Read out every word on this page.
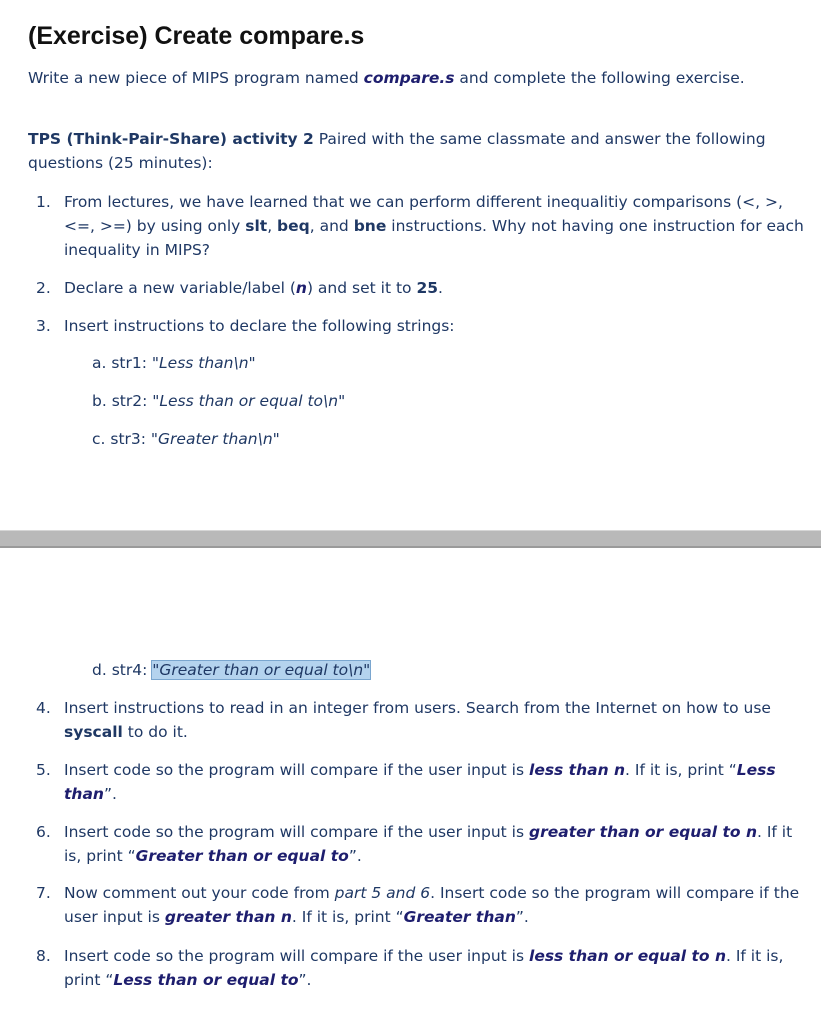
(Exercise) Create compare.s

Write a new piece of MIPS program named compare.s and complete the following exercise.

TPS (Think-Pair-Share) activity 2 Paired with the same classmate and answer the following questions (25 minutes):

1. From lectures, we have learned that we can perform different inequalitiy comparisons (<, >, <=, >=) by using only slt, beq, and bne instructions. Why not having one instruction for each inequality in MIPS?
2. Declare a new variable/label (n) and set it to 25.
3. Insert instructions to declare the following strings:
a. str1: "Less than\n"
b. str2: "Less than or equal to\n"
c. str3: "Greater than\n"
d. str4: "Greater than or equal to\n"
4. Insert instructions to read in an integer from users. Search from the Internet on how to use syscall to do it.
5. Insert code so the program will compare if the user input is less than n. If it is, print “Less than”.
6. Insert code so the program will compare if the user input is greater than or equal to n. If it is, print “Greater than or equal to”.
7. Now comment out your code from part 5 and 6. Insert code so the program will compare if the user input is greater than n. If it is, print “Greater than”.
8. Insert code so the program will compare if the user input is less than or equal to n. If it is, print “Less than or equal to”.
